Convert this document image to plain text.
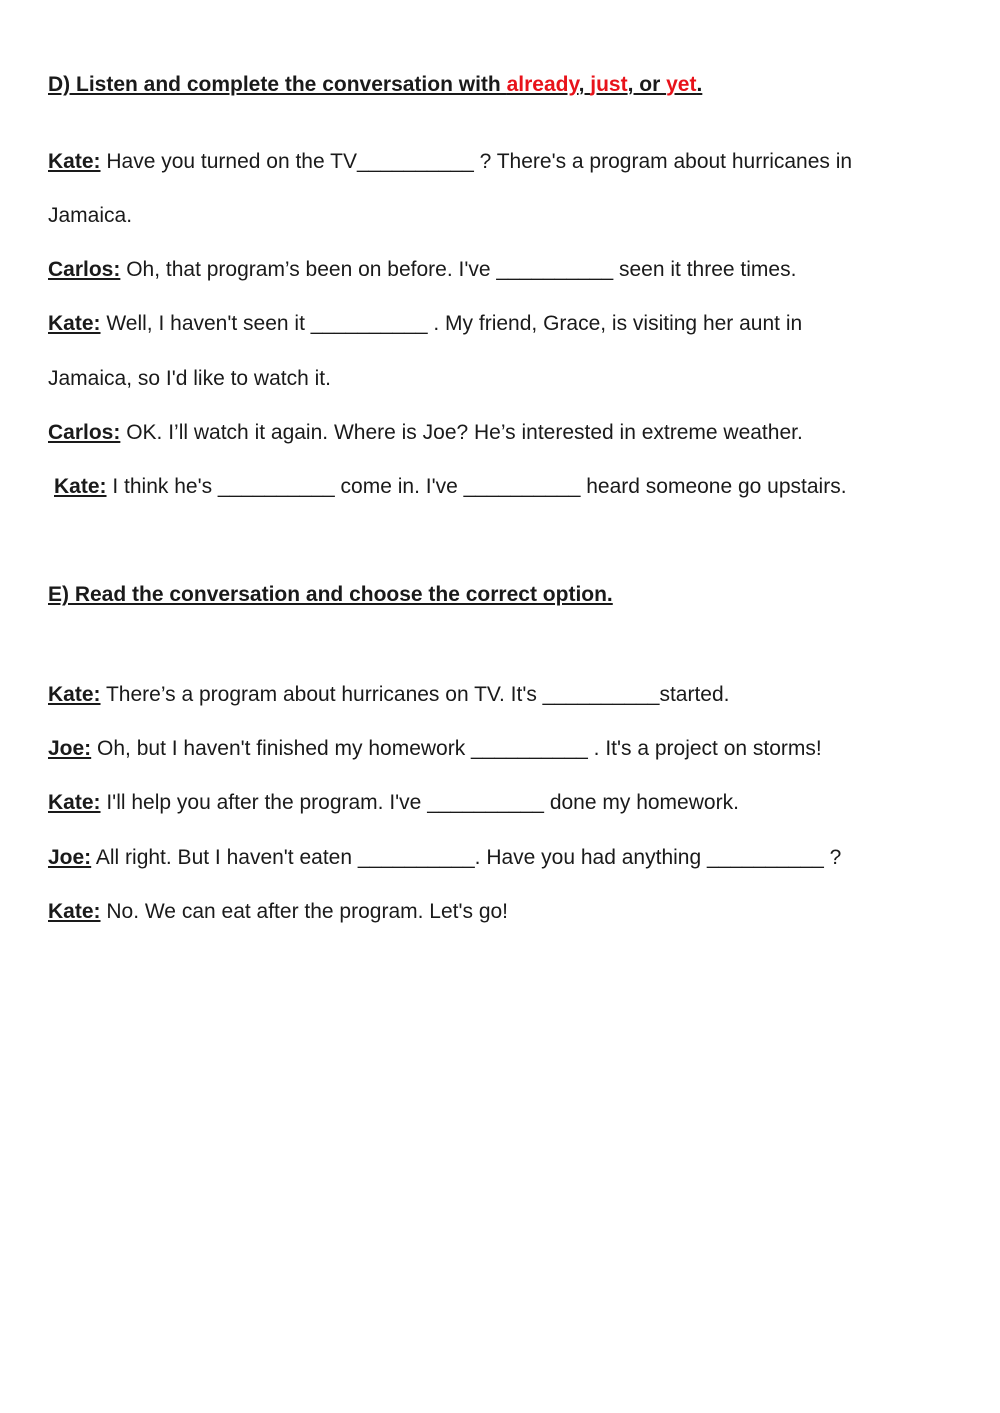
D) Listen and complete the conversation with already, just, or yet.
Kate: Have you turned on the TV__________ ? There's a program about hurricanes in
Jamaica.
Carlos: Oh, that program’s been on before. I've __________ seen it three times.
Kate: Well, I haven't seen it __________ . My friend, Grace, is visiting her aunt in
Jamaica, so I'd like to watch it.
Carlos: OK. I’ll watch it again. Where is Joe? He’s interested in extreme weather.
Kate: I think he's __________ come in. I've __________ heard someone go upstairs.
E) Read the conversation and choose the correct option.
Kate: There’s a program about hurricanes on TV. It's __________started.
Joe: Oh, but I haven't finished my homework __________ . It's a project on storms!
Kate: I'll help you after the program. I've __________ done my homework.
Joe: All right. But I haven't eaten __________. Have you had anything __________ ?
Kate: No. We can eat after the program. Let's go!
